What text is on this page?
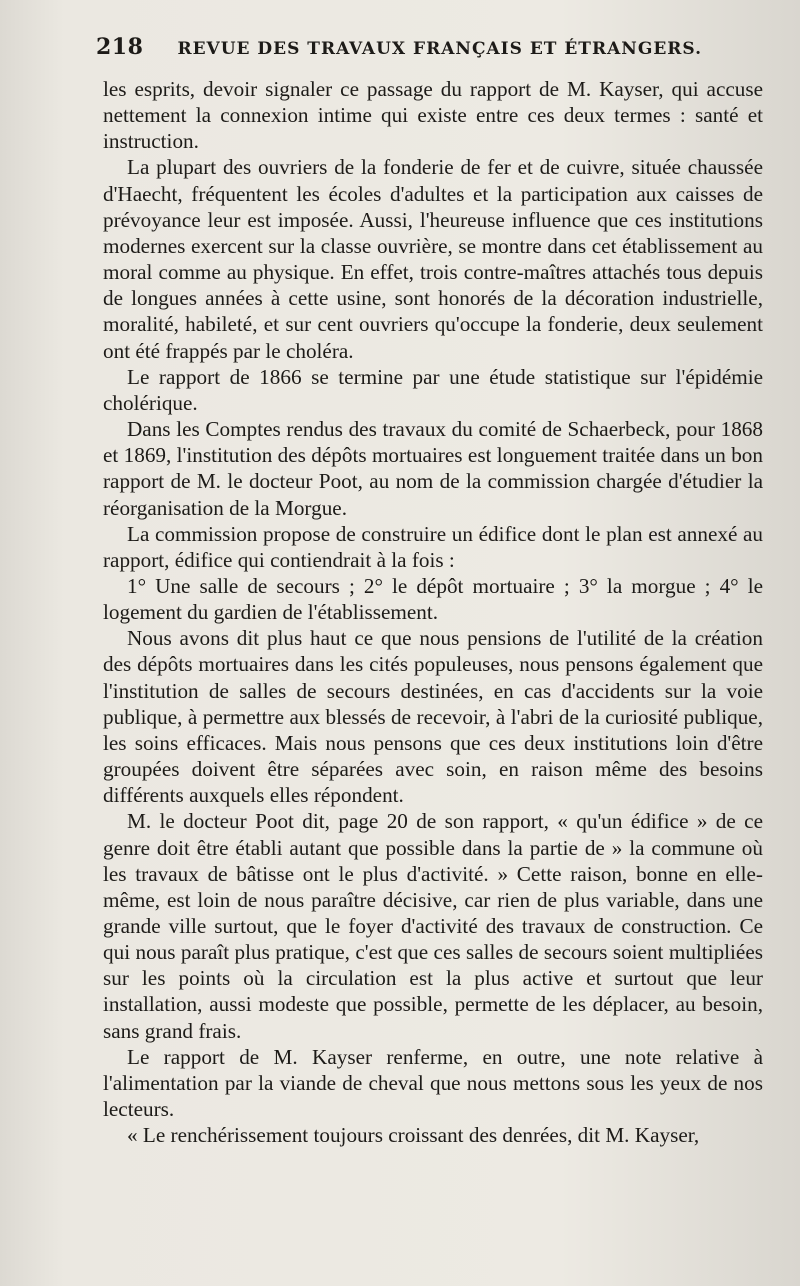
218 REVUE DES TRAVAUX FRANÇAIS ET ÉTRANGERS.

les esprits, devoir signaler ce passage du rapport de M. Kayser, qui accuse nettement la connexion intime qui existe entre ces deux termes : santé et instruction.

La plupart des ouvriers de la fonderie de fer et de cuivre, située chaussée d'Haecht, fréquentent les écoles d'adultes et la participation aux caisses de prévoyance leur est imposée. Aussi, l'heureuse influence que ces institutions modernes exercent sur la classe ouvrière, se montre dans cet établissement au moral comme au physique. En effet, trois contre-maîtres attachés tous depuis de longues années à cette usine, sont honorés de la décoration industrielle, moralité, habileté, et sur cent ouvriers qu'occupe la fonderie, deux seulement ont été frappés par le choléra.

Le rapport de 1866 se termine par une étude statistique sur l'épidémie cholérique.

Dans les Comptes rendus des travaux du comité de Schaerbeck, pour 1868 et 1869, l'institution des dépôts mortuaires est longuement traitée dans un bon rapport de M. le docteur Poot, au nom de la commission chargée d'étudier la réorganisation de la Morgue.

La commission propose de construire un édifice dont le plan est annexé au rapport, édifice qui contiendrait à la fois :

1° Une salle de secours ; 2° le dépôt mortuaire ; 3° la morgue ; 4° le logement du gardien de l'établissement.

Nous avons dit plus haut ce que nous pensions de l'utilité de la création des dépôts mortuaires dans les cités populeuses, nous pensons également que l'institution de salles de secours destinées, en cas d'accidents sur la voie publique, à permettre aux blessés de recevoir, à l'abri de la curiosité publique, les soins efficaces. Mais nous pensons que ces deux institutions loin d'être groupées doivent être séparées avec soin, en raison même des besoins différents auxquels elles répondent.

M. le docteur Poot dit, page 20 de son rapport, « qu'un édifice » de ce genre doit être établi autant que possible dans la partie de » la commune où les travaux de bâtisse ont le plus d'activité. » Cette raison, bonne en elle-même, est loin de nous paraître décisive, car rien de plus variable, dans une grande ville surtout, que le foyer d'activité des travaux de construction. Ce qui nous paraît plus pratique, c'est que ces salles de secours soient multipliées sur les points où la circulation est la plus active et surtout que leur installation, aussi modeste que possible, permette de les déplacer, au besoin, sans grand frais.

Le rapport de M. Kayser renferme, en outre, une note relative à l'alimentation par la viande de cheval que nous mettons sous les yeux de nos lecteurs.

« Le renchérissement toujours croissant des denrées, dit M. Kayser,
